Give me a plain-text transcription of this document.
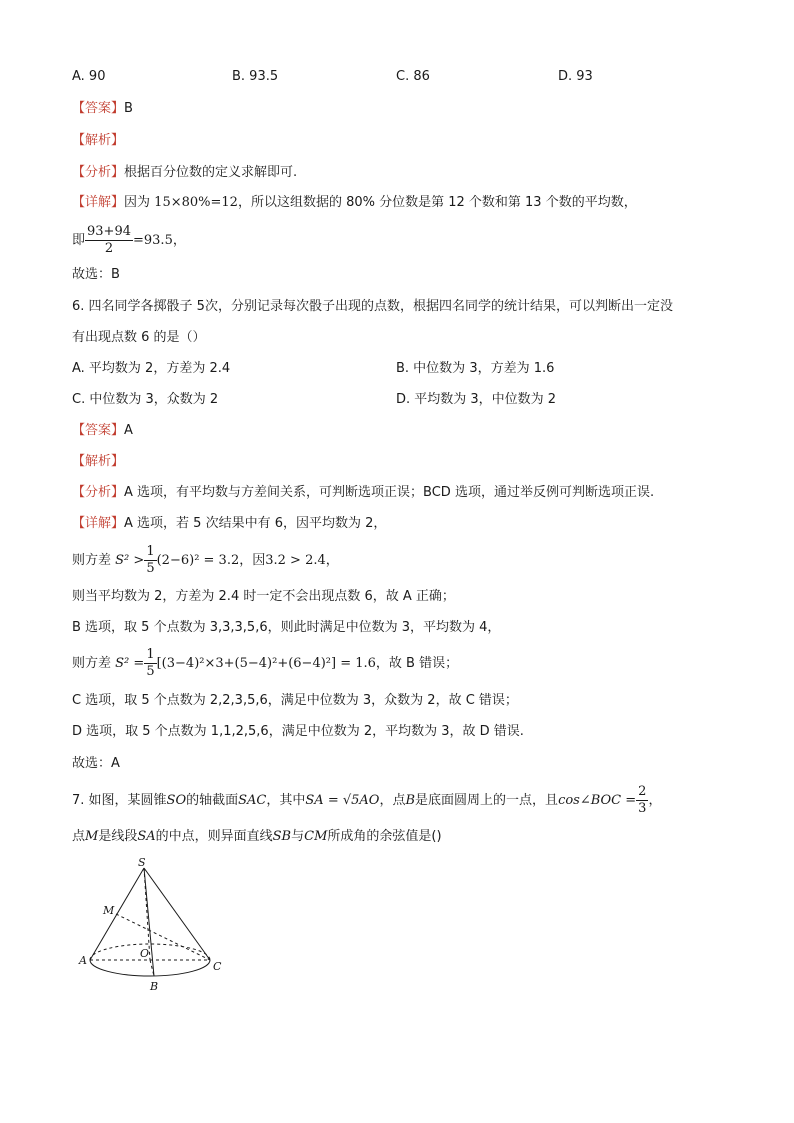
A. 90	B. 93.5	C. 86	D. 93
【答案】B
【解析】
【分析】根据百分位数的定义求解即可.
【详解】因为 15×80%=12，所以这组数据的 80% 分位数是第 12 个数和第 13 个数的平均数，
即 $\frac{93+94}{2} =93.5$，
故选：B
6. 四名同学各掷骰子 5次，分别记录每次骰子出现的点数，根据四名同学的统计结果，可以判断出一定没
有出现点数 6 的是（）
A. 平均数为 2，方差为 2.4	B. 中位数为 3，方差为 1.6
C. 中位数为 3，众数为 2	D. 平均数为 3，中位数为 2
【答案】A
【解析】
【分析】A 选项，有平均数与方差间关系，可判断选项正误；BCD 选项，通过举反例可判断选项正误.
【详解】A 选项，若 5 次结果中有 6，因平均数为 2，
则方差 $S^2 > \frac{1}{5} (2-6)^2 = 3.2$，因3.2 > 2.4，
则当平均数为 2，方差为 2.4 时一定不会出现点数 6，故 A 正确；
B 选项，取 5 个点数为 3,3,3,5,6，则此时满足中位数为 3，平均数为 4，
则方差 $S^2 = \frac{1}{5} [(3-4)^2\times 3+(5-4)^2+(6-4)^2] = 1.6$，故 B 错误；
C 选项，取 5 个点数为 2,2,3,5,6，满足中位数为 3，众数为 2，故 C 错误；
D 选项，取 5 个点数为 1,1,2,5,6，满足中位数为 2，平均数为 3，故 D 错误.
故选：A
7. 如图，某圆锥SO的轴截面SAC，其中SA = √5AO，点B是底面圆周上的一点，且cos∠BOC = $\frac{2}{3}$ ，
点M是线段SA的中点，则异面直线SB与CM所成角的余弦值是()
S
M
A
O
C
B
